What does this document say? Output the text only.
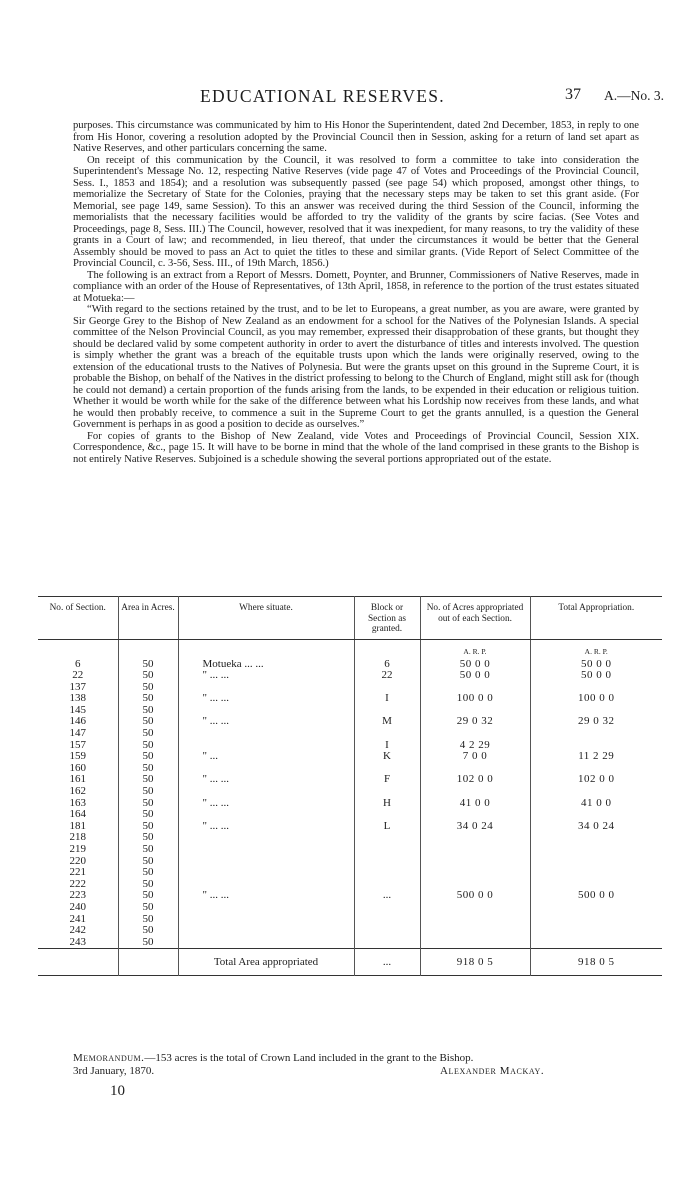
EDUCATIONAL RESERVES.	37 A.—No. 3.

purposes. This circumstance was communicated by him to His Honor the Superintendent, dated 2nd December, 1853, in reply to one from His Honor, covering a resolution adopted by the Provincial Council then in Session, asking for a return of land set apart as Native Reserves, and other particulars concerning the same.

On receipt of this communication by the Council, it was resolved to form a committee to take into consideration the Superintendent's Message No. 12, respecting Native Reserves (vide page 47 of Votes and Proceedings of the Provincial Council, Sess. I., 1853 and 1854); and a resolution was subsequently passed (see page 54) which proposed, amongst other things, to memorialize the Secretary of State for the Colonies, praying that the necessary steps may be taken to set this grant aside. (For Memorial, see page 149, same Session). To this an answer was received during the third Session of the Council, informing the memorialists that the necessary facilities would be afforded to try the validity of the grants by scire facias. (See Votes and Proceedings, page 8, Sess. III.) The Council, however, resolved that it was inexpedient, for many reasons, to try the validity of these grants in a Court of law; and recommended, in lieu thereof, that under the circumstances it would be better that the General Assembly should be moved to pass an Act to quiet the titles to these and similar grants. (Vide Report of Select Committee of the Provincial Council, c. 3-56, Sess. III., of 19th March, 1856.)

The following is an extract from a Report of Messrs. Domett, Poynter, and Brunner, Commissioners of Native Reserves, made in compliance with an order of the House of Representatives, of 13th April, 1858, in reference to the portion of the trust estates situated at Motueka:—

“With regard to the sections retained by the trust, and to be let to Europeans, a great number, as you are aware, were granted by Sir George Grey to the Bishop of New Zealand as an endowment for a school for the Natives of the Polynesian Islands. A special committee of the Nelson Provincial Council, as you may remember, expressed their disapprobation of these grants, but thought they should be declared valid by some competent authority in order to avert the disturbance of titles and interests involved. The question is simply whether the grant was a breach of the equitable trusts upon which the lands were originally reserved, owing to the extension of the educational trusts to the Natives of Polynesia. But were the grants upset on this ground in the Supreme Court, it is probable the Bishop, on behalf of the Natives in the district professing to belong to the Church of England, might still ask for (though he could not demand) a certain proportion of the funds arising from the lands, to be expended in their education or religious tuition. Whether it would be worth while for the sake of the difference between what his Lordship now receives from these lands, and what he would then probably receive, to commence a suit in the Supreme Court to get the grants annulled, is a question the General Government is perhaps in as good a position to decide as ourselves.”

For copies of grants to the Bishop of New Zealand, vide Votes and Proceedings of Provincial Council, Session XIX. Correspondence, &c., page 15. It will have to be borne in mind that the whole of the land comprised in these grants to the Bishop is not entirely Native Reserves. Subjoined is a schedule showing the several portions appropriated out of the estate.

No. of Section.	Area in Acres.	Where situate.	Block or Section as granted.	No. of Acres appropriated out of each Section.	Total Appropriation.
				A. R. P.	A. R. P.
6	50	Motueka ... ...	6	50 0 0	50 0 0
22	50	" ... ...	22	50 0 0	50 0 0
137	50				
138	50	" ... ...	I	100 0 0	100 0 0
145	50				
146	50	" ... ...	M	29 0 32	29 0 32
147	50				
157	50		I	4 2 29	
159	50	" ...	K	7 0 0	11 2 29
160	50				
161	50	" ... ...	F	102 0 0	102 0 0
162	50				
163	50	" ... ...	H	41 0 0	41 0 0
164	50				
181	50	" ... ...	L	34 0 24	34 0 24
218	50				
219	50				
220	50				
221	50				
222	50				
223	50	" ... ...	...	500 0 0	500 0 0
240	50				
241	50				
242	50				
243	50				
		Total Area appropriated	...	918 0 5	918 0 5
Memorandum.—153 acres is the total of Crown Land included in the grant to the Bishop.
3rd January, 1870.	Alexander Mackay.
10
